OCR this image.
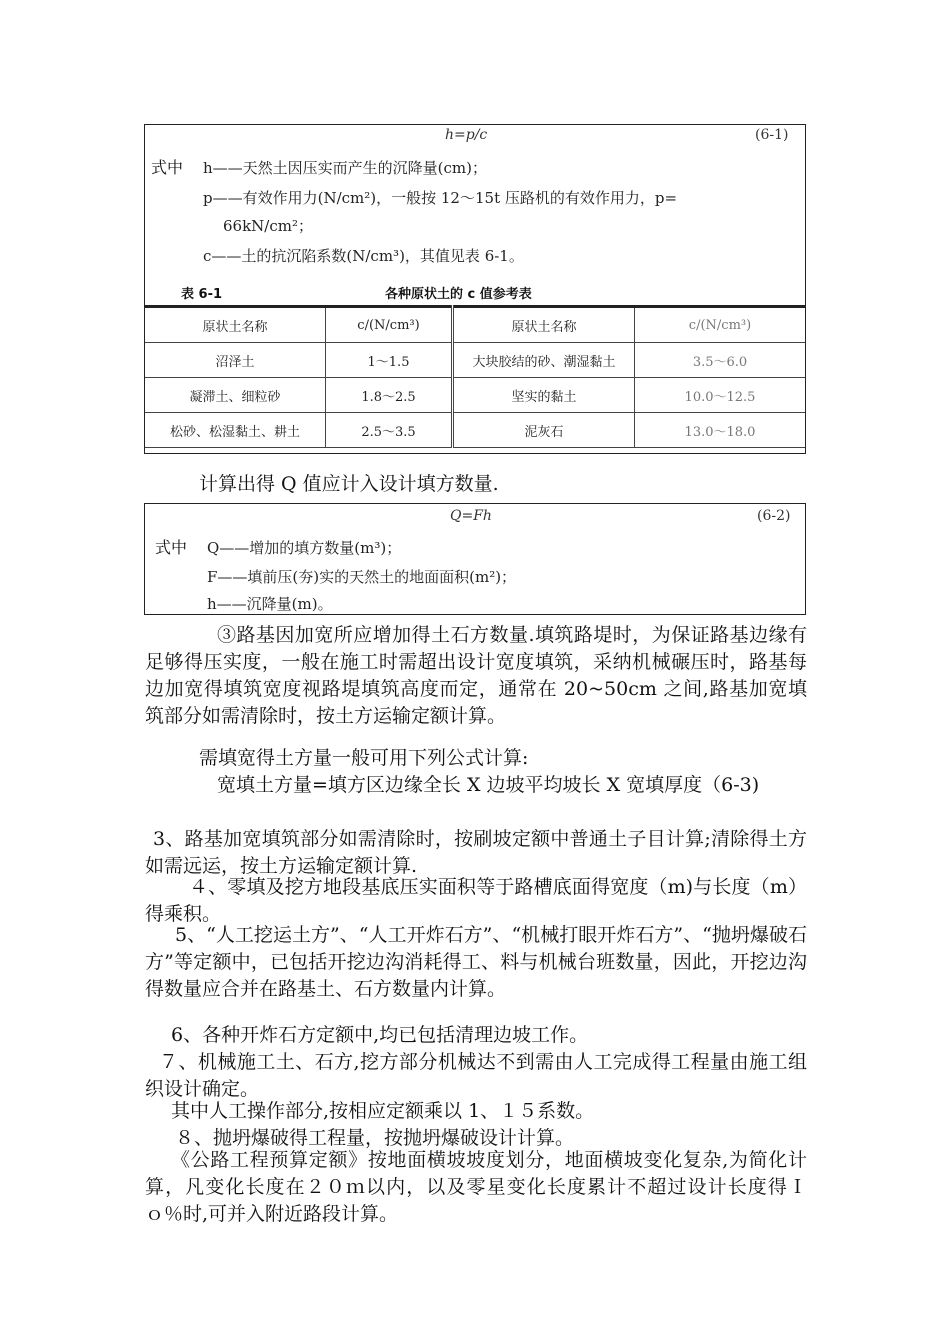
h=p/c	(6-1)
式中 h——天然土因压实而产生的沉降量(cm)；
p——有效作用力(N/cm²)，一般按 12～15t 压路机的有效作用力，p=
66kN/cm²；
c——土的抗沉陷系数(N/cm³)，其值见表 6-1。
表 6-1	各种原状土的 c 值参考表
原状土名称	c/(N/cm³)	原状土名称	c/(N/cm³)
沼泽土	1～1.5	大块胶结的砂、潮湿黏土	3.5～6.0
凝滞土、细粒砂	1.8～2.5	坚实的黏土	10.0～12.5
松砂、松湿黏土、耕土	2.5～3.5	泥灰石	13.0～18.0

计算出得 Q 值应计入设计填方数量.

Q=Fh	(6-2)
式中 Q——增加的填方数量(m³)；
F——填前压(夯)实的天然土的地面面积(m²)；
h——沉降量(m)。

③路基因加宽所应增加得土石方数量.填筑路堤时，为保证路基边缘有足够得压实度，一般在施工时需超出设计宽度填筑，采纳机械碾压时，路基每边加宽得填筑宽度视路堤填筑高度而定，通常在 20~50cm 之间,路基加宽填筑部分如需清除时，按土方运输定额计算。

需填宽得土方量一般可用下列公式计算:

宽填土方量=填方区边缘全长 X 边坡平均坡长 X 宽填厚度（6-3)

3、路基加宽填筑部分如需清除时，按刷坡定额中普通土子目计算;清除得土方如需远运，按土方运输定额计算.

４、零填及挖方地段基底压实面积等于路槽底面得宽度（m)与长度（m）得乘积。

5、“人工挖运土方”、“人工开炸石方”、“机械打眼开炸石方”、“抛坍爆破石方”等定额中，已包括开挖边沟消耗得工、料与机械台班数量，因此，开挖边沟得数量应合并在路基土、石方数量内计算。

6、各种开炸石方定额中,均已包括清理边坡工作。

７、机械施工土、石方,挖方部分机械达不到需由人工完成得工程量由施工组织设计确定。

其中人工操作部分,按相应定额乘以 1、１５系数。

８、抛坍爆破得工程量，按抛坍爆破设计计算。

《公路工程预算定额》按地面横坡坡度划分，地面横坡变化复杂,为简化计算，凡变化长度在２０ｍ以内，以及零星变化长度累计不超过设计长度得Ｉｏ％时,可并入附近路段计算。
